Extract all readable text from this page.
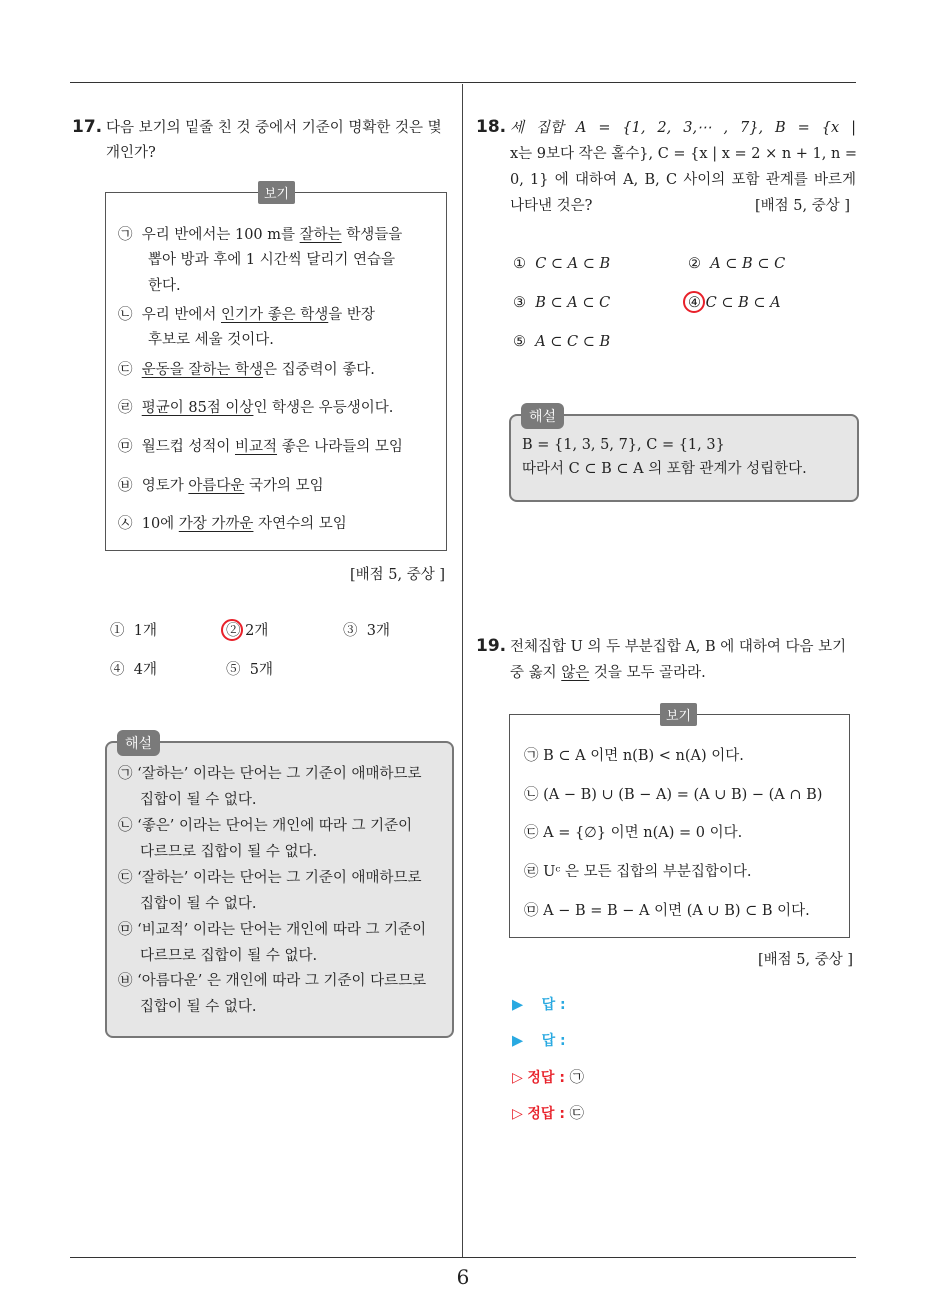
17. 다음 보기의 밑줄 친 것 중에서 기준이 명확한 것은 몇
개인가?
보기
㉠ 우리 반에서는 100 m를 잘하는 학생들을
뽑아 방과 후에 1 시간씩 달리기 연습을
한다.
㉡ 우리 반에서 인기가 좋은 학생을 반장
후보로 세울 것이다.
㉢ 운동을 잘하는 학생은 집중력이 좋다.
㉣ 평균이 85점 이상인 학생은 우등생이다.
㉤ 월드컵 성적이 비교적 좋은 나라들의 모임
㉥ 영토가 아름다운 국가의 모임
㉦ 10에 가장 가까운 자연수의 모임
[배점 5, 중상 ]
① 1개	② 2개	③ 3개
④ 4개	⑤ 5개
해설
㉠ ‘잘하는’ 이라는 단어는 그 기준이 애매하므로
집합이 될 수 없다.
㉡ ‘좋은’ 이라는 단어는 개인에 따라 그 기준이
다르므로 집합이 될 수 없다.
㉢ ‘잘하는’ 이라는 단어는 그 기준이 애매하므로
집합이 될 수 없다.
㉤ ‘비교적’ 이라는 단어는 개인에 따라 그 기준이
다르므로 집합이 될 수 없다.
㉥ ‘아름다운’ 은 개인에 따라 그 기준이 다르므로
집합이 될 수 없다.
18. 세 집합 A = {1, 2, 3,⋯ , 7}, B = {x |
x는 9보다 작은 홀수}, C = {x | x = 2 × n + 1, n =
0, 1} 에 대하여 A, B, C 사이의 포함 관계를 바르게
나타낸 것은?	[배점 5, 중상 ]
① C ⊂ A ⊂ B	② A ⊂ B ⊂ C
③ B ⊂ A ⊂ C	④ C ⊂ B ⊂ A
⑤ A ⊂ C ⊂ B
해설
B = {1, 3, 5, 7}, C = {1, 3}
따라서 C ⊂ B ⊂ A 의 포함 관계가 성립한다.
19. 전체집합 U 의 두 부분집합 A, B 에 대하여 다음 보기
중 옳지 않은 것을 모두 골라라.
보기
㉠ B ⊂ A 이면 n(B) < n(A) 이다.
㉡ (A − B) ∪ (B − A) = (A ∪ B) − (A ∩ B)
㉢ A = {∅} 이면 n(A) = 0 이다.
㉣ Uᶜ 은 모든 집합의 부분집합이다.
㉤ A − B = B − A 이면 (A ∪ B) ⊂ B 이다.
[배점 5, 중상 ]
▶ 답 :
▶ 답 :
▷ 정답 : ㉠
▷ 정답 : ㉢
6
